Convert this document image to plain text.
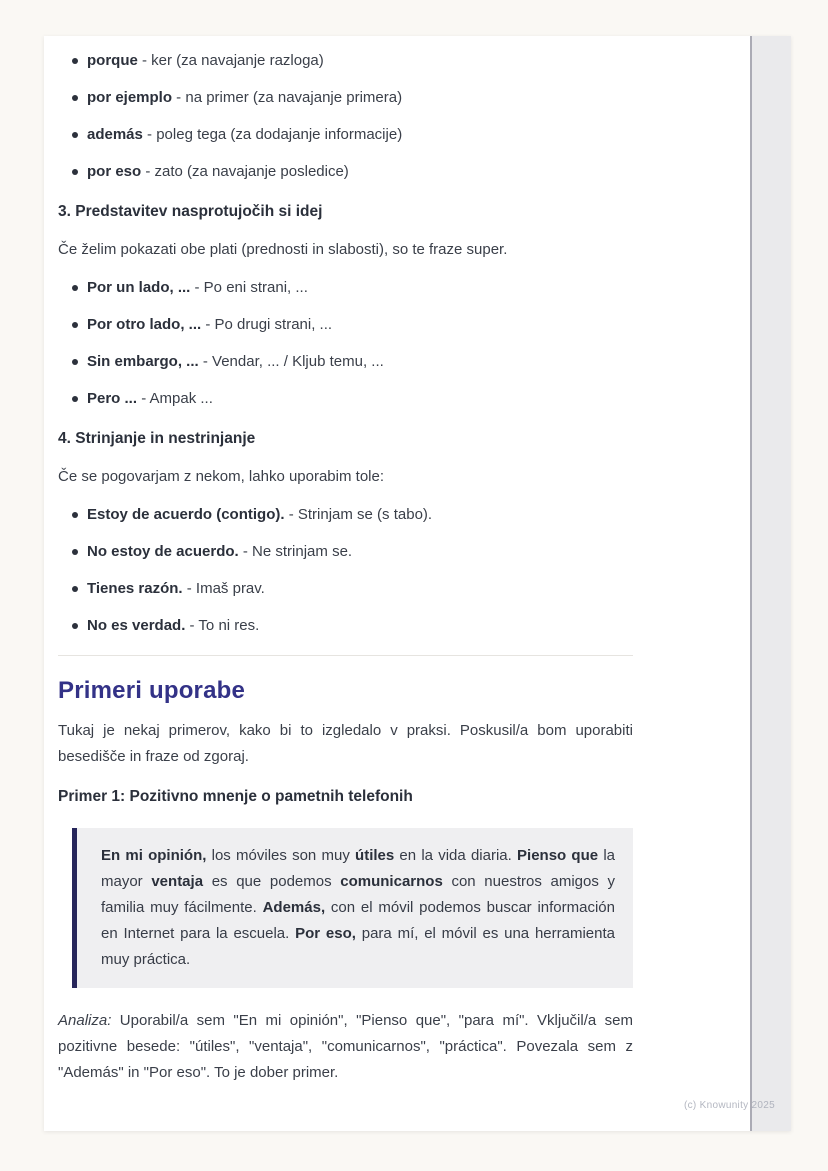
porque - ker (za navajanje razloga)
por ejemplo - na primer (za navajanje primera)
además - poleg tega (za dodajanje informacije)
por eso - zato (za navajanje posledice)
3. Predstavitev nasprotujočih si idej

Če želim pokazati obe plati (prednosti in slabosti), so te fraze super.

Por un lado, ... - Po eni strani, ...
Por otro lado, ... - Po drugi strani, ...
Sin embargo, ... - Vendar, ... / Kljub temu, ...
Pero ... - Ampak ...
4. Strinjanje in nestrinjanje

Če se pogovarjam z nekom, lahko uporabim tole:

Estoy de acuerdo (contigo). - Strinjam se (s tabo).
No estoy de acuerdo. - Ne strinjam se.
Tienes razón. - Imaš prav.
No es verdad. - To ni res.
Primeri uporabe

Tukaj je nekaj primerov, kako bi to izgledalo v praksi. Poskusil/a bom uporabiti besedišče in fraze od zgoraj.

Primer 1: Pozitivno mnenje o pametnih telefonih

En mi opinión, los móviles son muy útiles en la vida diaria. Pienso que la mayor ventaja es que podemos comunicarnos con nuestros amigos y familia muy fácilmente. Además, con el móvil podemos buscar información en Internet para la escuela. Por eso, para mí, el móvil es una herramienta muy práctica.

Analiza: Uporabil/a sem "En mi opinión", "Pienso que", "para mí". Vključil/a sem pozitivne besede: "útiles", "ventaja", "comunicarnos", "práctica". Povezala sem z "Además" in "Por eso". To je dober primer.

(c) Knowunity 2025
